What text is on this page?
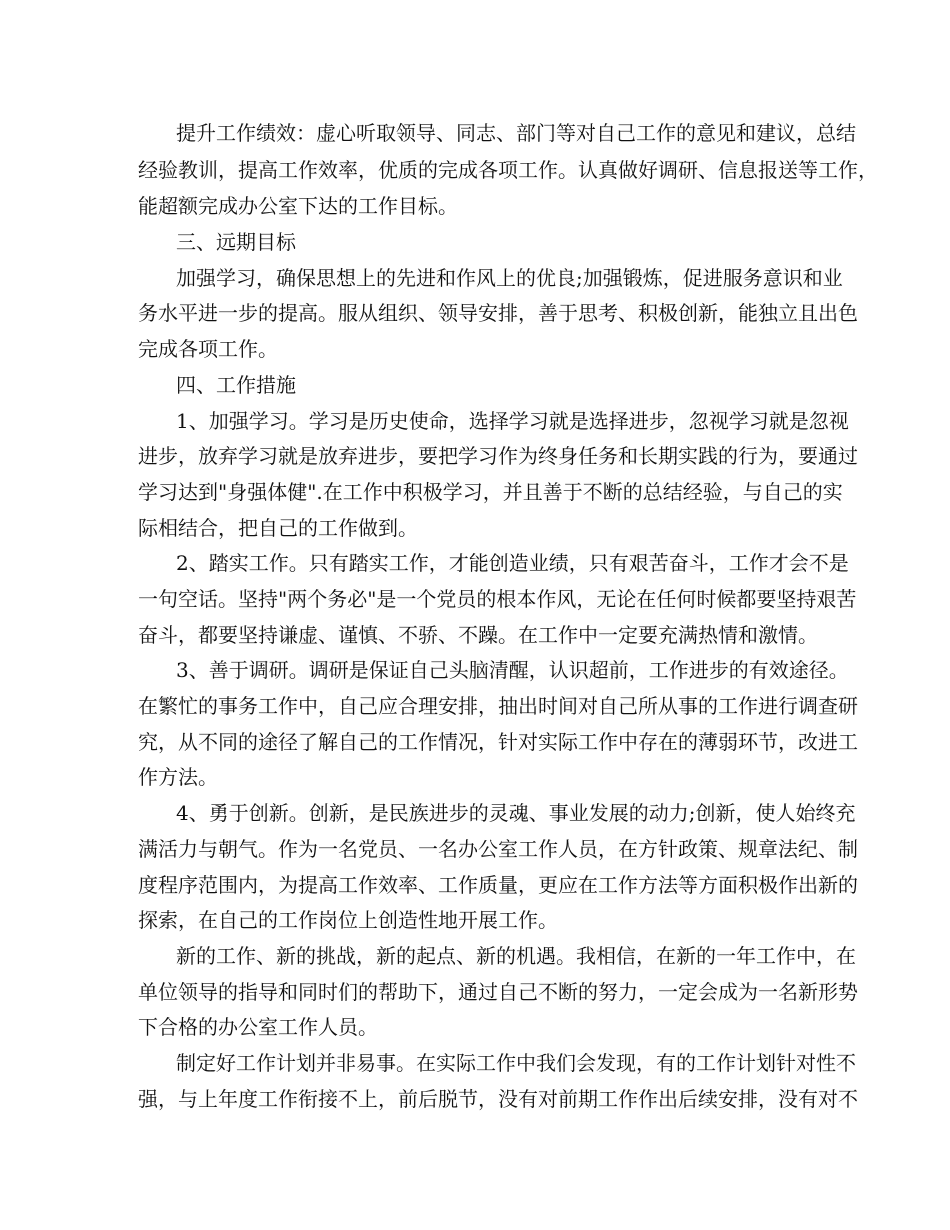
提升工作绩效：虚心听取领导、同志、部门等对自己工作的意见和建议，总结

经验教训，提高工作效率，优质的完成各项工作。认真做好调研、信息报送等工作，

能超额完成办公室下达的工作目标。

三、远期目标

加强学习，确保思想上的先进和作风上的优良;加强锻炼，促进服务意识和业

务水平进一步的提高。服从组织、领导安排，善于思考、积极创新，能独立且出色

完成各项工作。

四、工作措施

1、加强学习。学习是历史使命，选择学习就是选择进步，忽视学习就是忽视

进步，放弃学习就是放弃进步，要把学习作为终身任务和长期实践的行为，要通过

学习达到"身强体健".在工作中积极学习，并且善于不断的总结经验，与自己的实

际相结合，把自己的工作做到。

2、踏实工作。只有踏实工作，才能创造业绩，只有艰苦奋斗，工作才会不是

一句空话。坚持"两个务必"是一个党员的根本作风，无论在任何时候都要坚持艰苦

奋斗，都要坚持谦虚、谨慎、不骄、不躁。在工作中一定要充满热情和激情。

3、善于调研。调研是保证自己头脑清醒，认识超前，工作进步的有效途径。

在繁忙的事务工作中，自己应合理安排，抽出时间对自己所从事的工作进行调查研

究，从不同的途径了解自己的工作情况，针对实际工作中存在的薄弱环节，改进工

作方法。

4、勇于创新。创新，是民族进步的灵魂、事业发展的动力;创新，使人始终充

满活力与朝气。作为一名党员、一名办公室工作人员，在方针政策、规章法纪、制

度程序范围内，为提高工作效率、工作质量，更应在工作方法等方面积极作出新的

探索，在自己的工作岗位上创造性地开展工作。

新的工作、新的挑战，新的起点、新的机遇。我相信，在新的一年工作中，在

单位领导的指导和同时们的帮助下，通过自己不断的努力，一定会成为一名新形势

下合格的办公室工作人员。

制定好工作计划并非易事。在实际工作中我们会发现，有的工作计划针对性不

强，与上年度工作衔接不上，前后脱节，没有对前期工作作出后续安排，没有对不
